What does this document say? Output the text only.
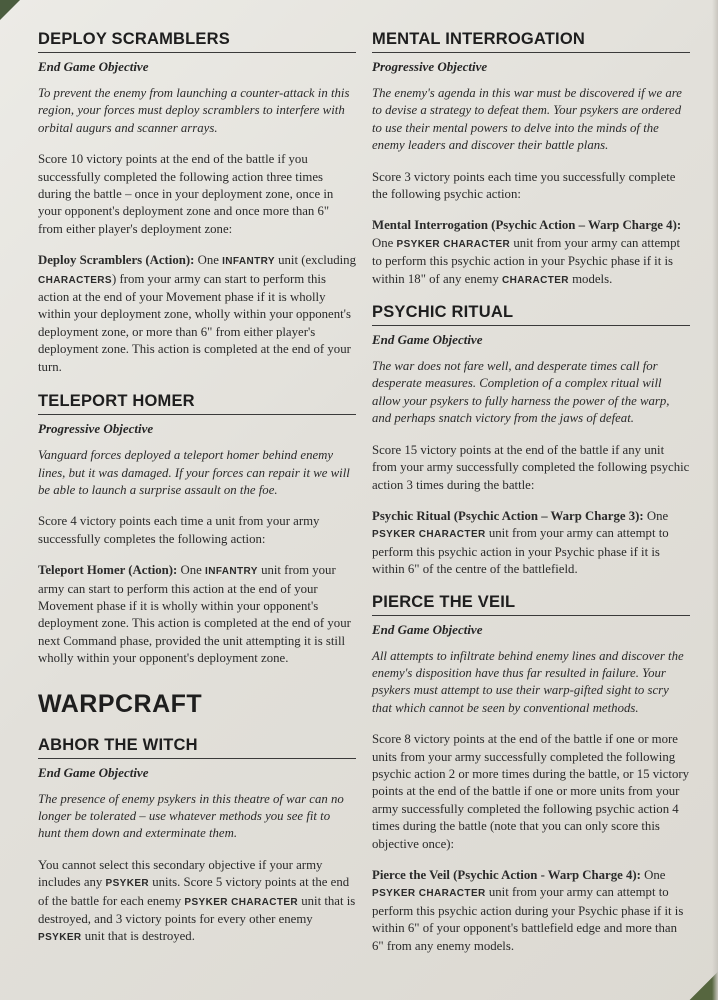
DEPLOY SCRAMBLERS
End Game Objective

To prevent the enemy from launching a counter-attack in this region, your forces must deploy scramblers to interfere with orbital augurs and scanner arrays.

Score 10 victory points at the end of the battle if you successfully completed the following action three times during the battle – once in your deployment zone, once in your opponent's deployment zone and once more than 6" from either player's deployment zone:

Deploy Scramblers (Action): One INFANTRY unit (excluding CHARACTERS) from your army can start to perform this action at the end of your Movement phase if it is wholly within your deployment zone, wholly within your opponent's deployment zone, or more than 6" from either player's deployment zone. This action is completed at the end of your turn.

TELEPORT HOMER
Progressive Objective

Vanguard forces deployed a teleport homer behind enemy lines, but it was damaged. If your forces can repair it we will be able to launch a surprise assault on the foe.

Score 4 victory points each time a unit from your army successfully completes the following action:

Teleport Homer (Action): One INFANTRY unit from your army can start to perform this action at the end of your Movement phase if it is wholly within your opponent's deployment zone. This action is completed at the end of your next Command phase, provided the unit attempting it is still wholly within your opponent's deployment zone.

WARPCRAFT
ABHOR THE WITCH
End Game Objective

The presence of enemy psykers in this theatre of war can no longer be tolerated – use whatever methods you see fit to hunt them down and exterminate them.

You cannot select this secondary objective if your army includes any PSYKER units. Score 5 victory points at the end of the battle for each enemy PSYKER CHARACTER unit that is destroyed, and 3 victory points for every other enemy PSYKER unit that is destroyed.

MENTAL INTERROGATION
Progressive Objective

The enemy's agenda in this war must be discovered if we are to devise a strategy to defeat them. Your psykers are ordered to use their mental powers to delve into the minds of the enemy leaders and discover their battle plans.

Score 3 victory points each time you successfully complete the following psychic action:

Mental Interrogation (Psychic Action – Warp Charge 4): One PSYKER CHARACTER unit from your army can attempt to perform this psychic action in your Psychic phase if it is within 18" of any enemy CHARACTER models.

PSYCHIC RITUAL
End Game Objective

The war does not fare well, and desperate times call for desperate measures. Completion of a complex ritual will allow your psykers to fully harness the power of the warp, and perhaps snatch victory from the jaws of defeat.

Score 15 victory points at the end of the battle if any unit from your army successfully completed the following psychic action 3 times during the battle:

Psychic Ritual (Psychic Action – Warp Charge 3): One PSYKER CHARACTER unit from your army can attempt to perform this psychic action in your Psychic phase if it is within 6" of the centre of the battlefield.

PIERCE THE VEIL
End Game Objective

All attempts to infiltrate behind enemy lines and discover the enemy's disposition have thus far resulted in failure. Your psykers must attempt to use their warp-gifted sight to scry that which cannot be seen by conventional methods.

Score 8 victory points at the end of the battle if one or more units from your army successfully completed the following psychic action 2 or more times during the battle, or 15 victory points at the end of the battle if one or more units from your army successfully completed the following psychic action 4 times during the battle (note that you can only score this objective once):

Pierce the Veil (Psychic Action - Warp Charge 4): One PSYKER CHARACTER unit from your army can attempt to perform this psychic action during your Psychic phase if it is within 6" of your opponent's battlefield edge and more than 6" from any enemy models.
